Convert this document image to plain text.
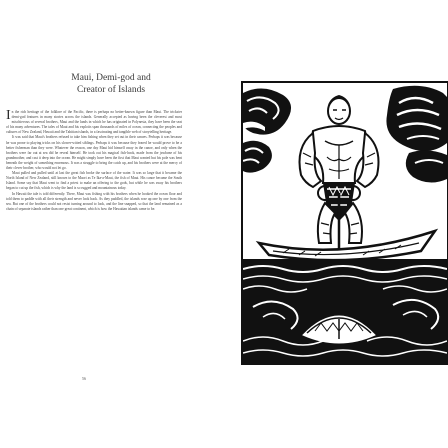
Maui, Demi-god and
Creator of Islands

In the rich heritage of the folklore of the Pacific, there is perhaps no better-known figure than Maui. The trickster demi-god features in many stories across the islands. Generally accepted as having been the cleverest and most mischievous of several brothers, Maui and the lands in which he has originated in Polynesia, they have been the seat of his many adventures. The tales of Maui and his exploits span thousands of miles of ocean, connecting the peoples and cultures of New Zealand, Hawaii and the Tahitian islands, in a fascinating and tangible web of storytelling heritage.

It was said that Maui's brothers refused to take him fishing when they set out in their canoes. Perhaps it was because he was prone to playing tricks on his slower-witted siblings. Perhaps it was because they feared he would prove to be a better fisherman than they were. Whatever the reason, one day Maui hid himself away in the canoe, and only when the brothers were far out at sea did he reveal himself. He took out his magical fish-hook, made from the jawbone of his grandmother, and cast it deep into the ocean. He might simply have been the first that Maui wanted but his pole was bent beneath the weight of something enormous. It was a struggle to bring the catch up, and his brothers were at the mercy of their clever brother, who would not let go.

Maui pulled and pulled until at last the great fish broke the surface of the water. It was so large that it became the North Island of New Zealand, still known to the Maori as Te Ika-a-Maui, the fish of Maui. His canoe became the South Island. Some say that Maui went to find a priest to make an offering to the gods, but while he was away his brothers began to cut up the fish, which is why the land is so rugged and mountainous today.

In Hawaii the tale is told differently. There, Maui was fishing with his brothers when he hooked the ocean floor and told them to paddle with all their strength and never look back. As they paddled, the islands rose up one by one from the sea. But one of the brothers could not resist turning around to look, and the line snapped, so that the land remained as a chain of separate islands rather than one great continent, which is how the Hawaiian islands came to be.

56
